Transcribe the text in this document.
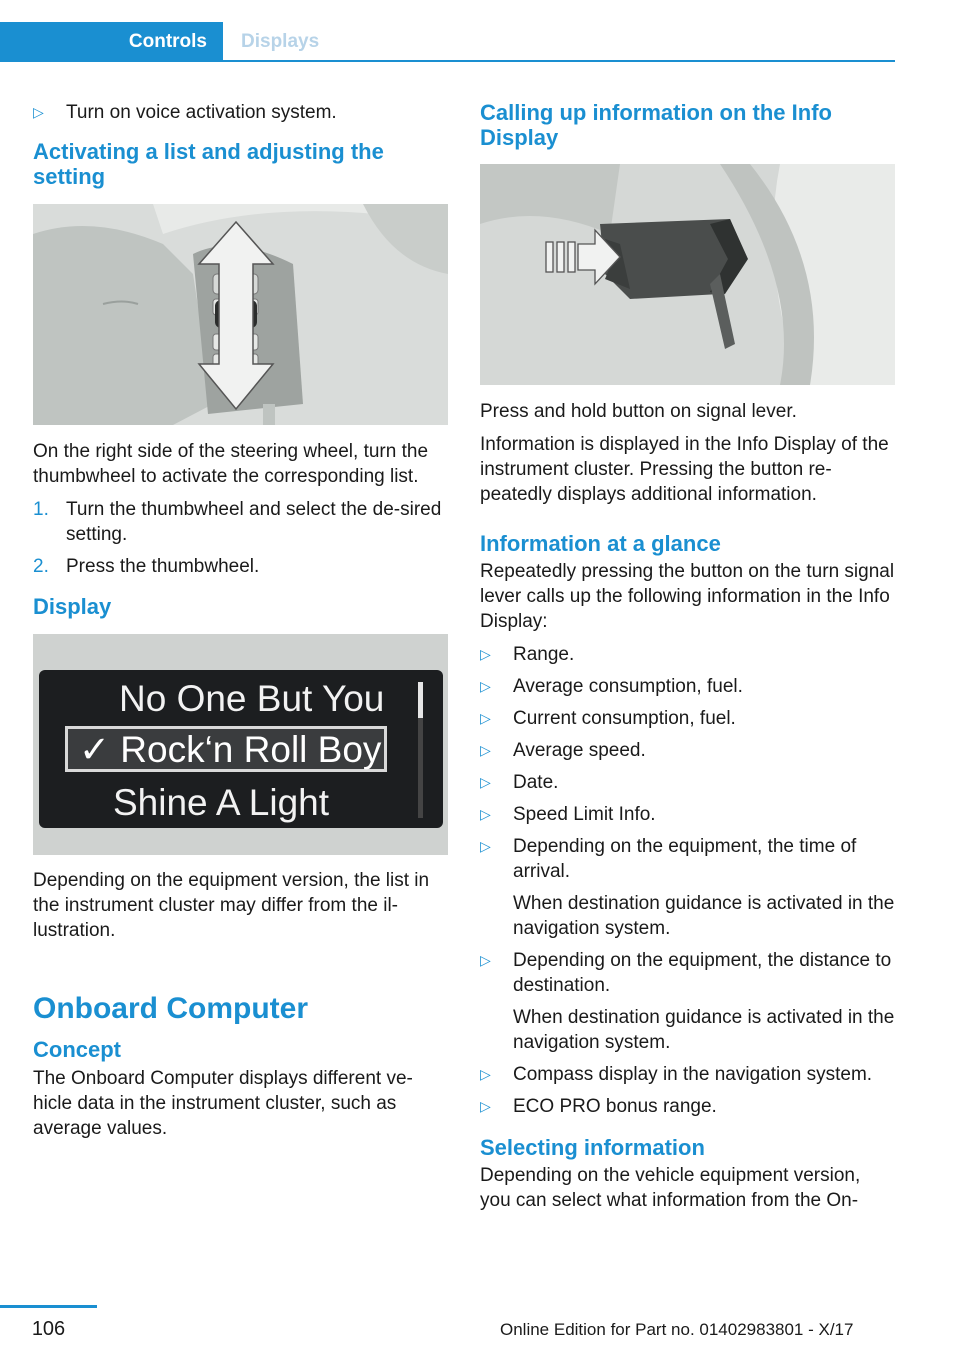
Controls	Displays
▷	Turn on voice activation system.
Activating a list and adjusting the setting
On the right side of the steering wheel, turn the thumbwheel to activate the corresponding list.
1. Turn the thumbwheel and select the de‐sired setting.
2. Press the thumbwheel.
Display
No One But You
✓ Rock‘n Roll Boy
Shine A Light
Depending on the equipment version, the list in the instrument cluster may differ from the il‐lustration.
Onboard Computer
Concept
The Onboard Computer displays different ve‐hicle data in the instrument cluster, such as average values.
Calling up information on the Info Display
Press and hold button on signal lever.
Information is displayed in the Info Display of the instrument cluster. Pressing the button re‐peatedly displays additional information.
Information at a glance
Repeatedly pressing the button on the turn signal lever calls up the following information in the Info Display:
▷	Range.
▷	Average consumption, fuel.
▷	Current consumption, fuel.
▷	Average speed.
▷	Date.
▷	Speed Limit Info.
▷	Depending on the equipment, the time of arrival.
When destination guidance is activated in the navigation system.
▷	Depending on the equipment, the distance to destination.
When destination guidance is activated in the navigation system.
▷	Compass display in the navigation system.
▷	ECO PRO bonus range.
Selecting information
Depending on the vehicle equipment version, you can select what information from the On‐
106	Online Edition for Part no. 01402983801 - X/17
